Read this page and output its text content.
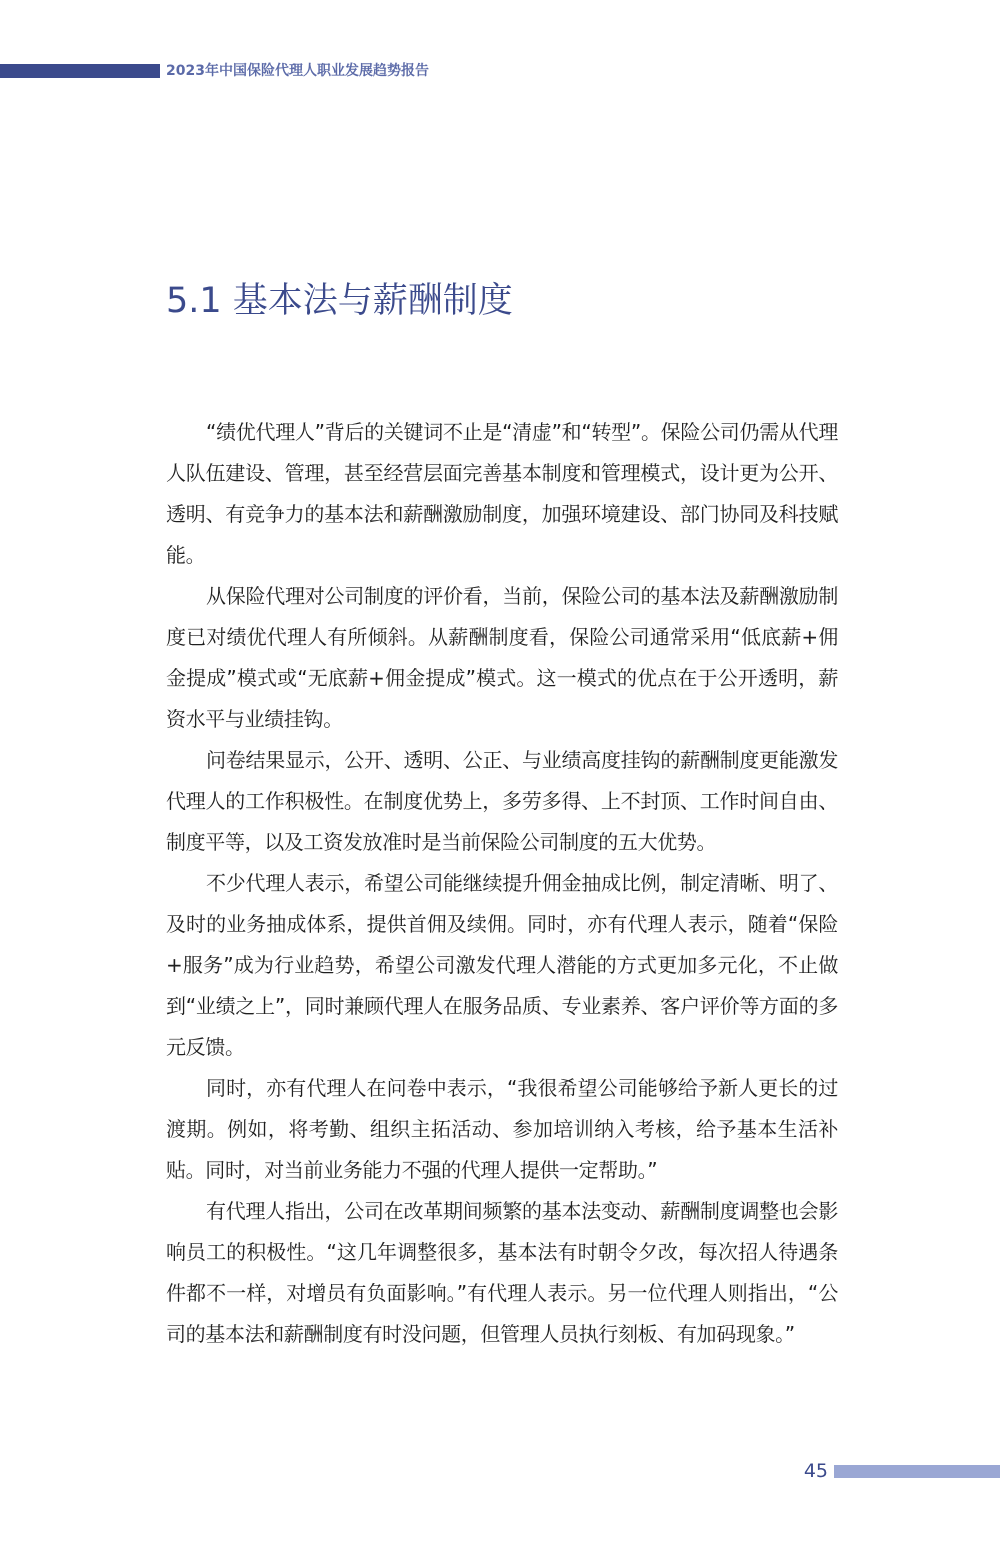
2023年中国保险代理人职业发展趋势报告
5.1 基本法与薪酬制度

“绩优代理人”背后的关键词不止是“清虚”和“转型”。保险公司仍需从代理人队伍建设、管理，甚至经营层面完善基本制度和管理模式，设计更为公开、透明、有竞争力的基本法和薪酬激励制度，加强环境建设、部门协同及科技赋能。

从保险代理对公司制度的评价看，当前，保险公司的基本法及薪酬激励制度已对绩优代理人有所倾斜。从薪酬制度看，保险公司通常采用“低底薪+佣金提成”模式或“无底薪+佣金提成”模式。这一模式的优点在于公开透明，薪资水平与业绩挂钩。

问卷结果显示，公开、透明、公正、与业绩高度挂钩的薪酬制度更能激发代理人的工作积极性。在制度优势上，多劳多得、上不封顶、工作时间自由、制度平等，以及工资发放准时是当前保险公司制度的五大优势。

不少代理人表示，希望公司能继续提升佣金抽成比例，制定清晰、明了、及时的业务抽成体系，提供首佣及续佣。同时，亦有代理人表示，随着“保险+服务”成为行业趋势，希望公司激发代理人潜能的方式更加多元化，不止做到“业绩之上”，同时兼顾代理人在服务品质、专业素养、客户评价等方面的多元反馈。

同时，亦有代理人在问卷中表示，“我很希望公司能够给予新人更长的过渡期。例如，将考勤、组织主拓活动、参加培训纳入考核，给予基本生活补贴。同时，对当前业务能力不强的代理人提供一定帮助。”

有代理人指出，公司在改革期间频繁的基本法变动、薪酬制度调整也会影响员工的积极性。“这几年调整很多，基本法有时朝令夕改，每次招人待遇条件都不一样，对增员有负面影响。”有代理人表示。另一位代理人则指出，“公司的基本法和薪酬制度有时没问题，但管理人员执行刻板、有加码现象。”

45
